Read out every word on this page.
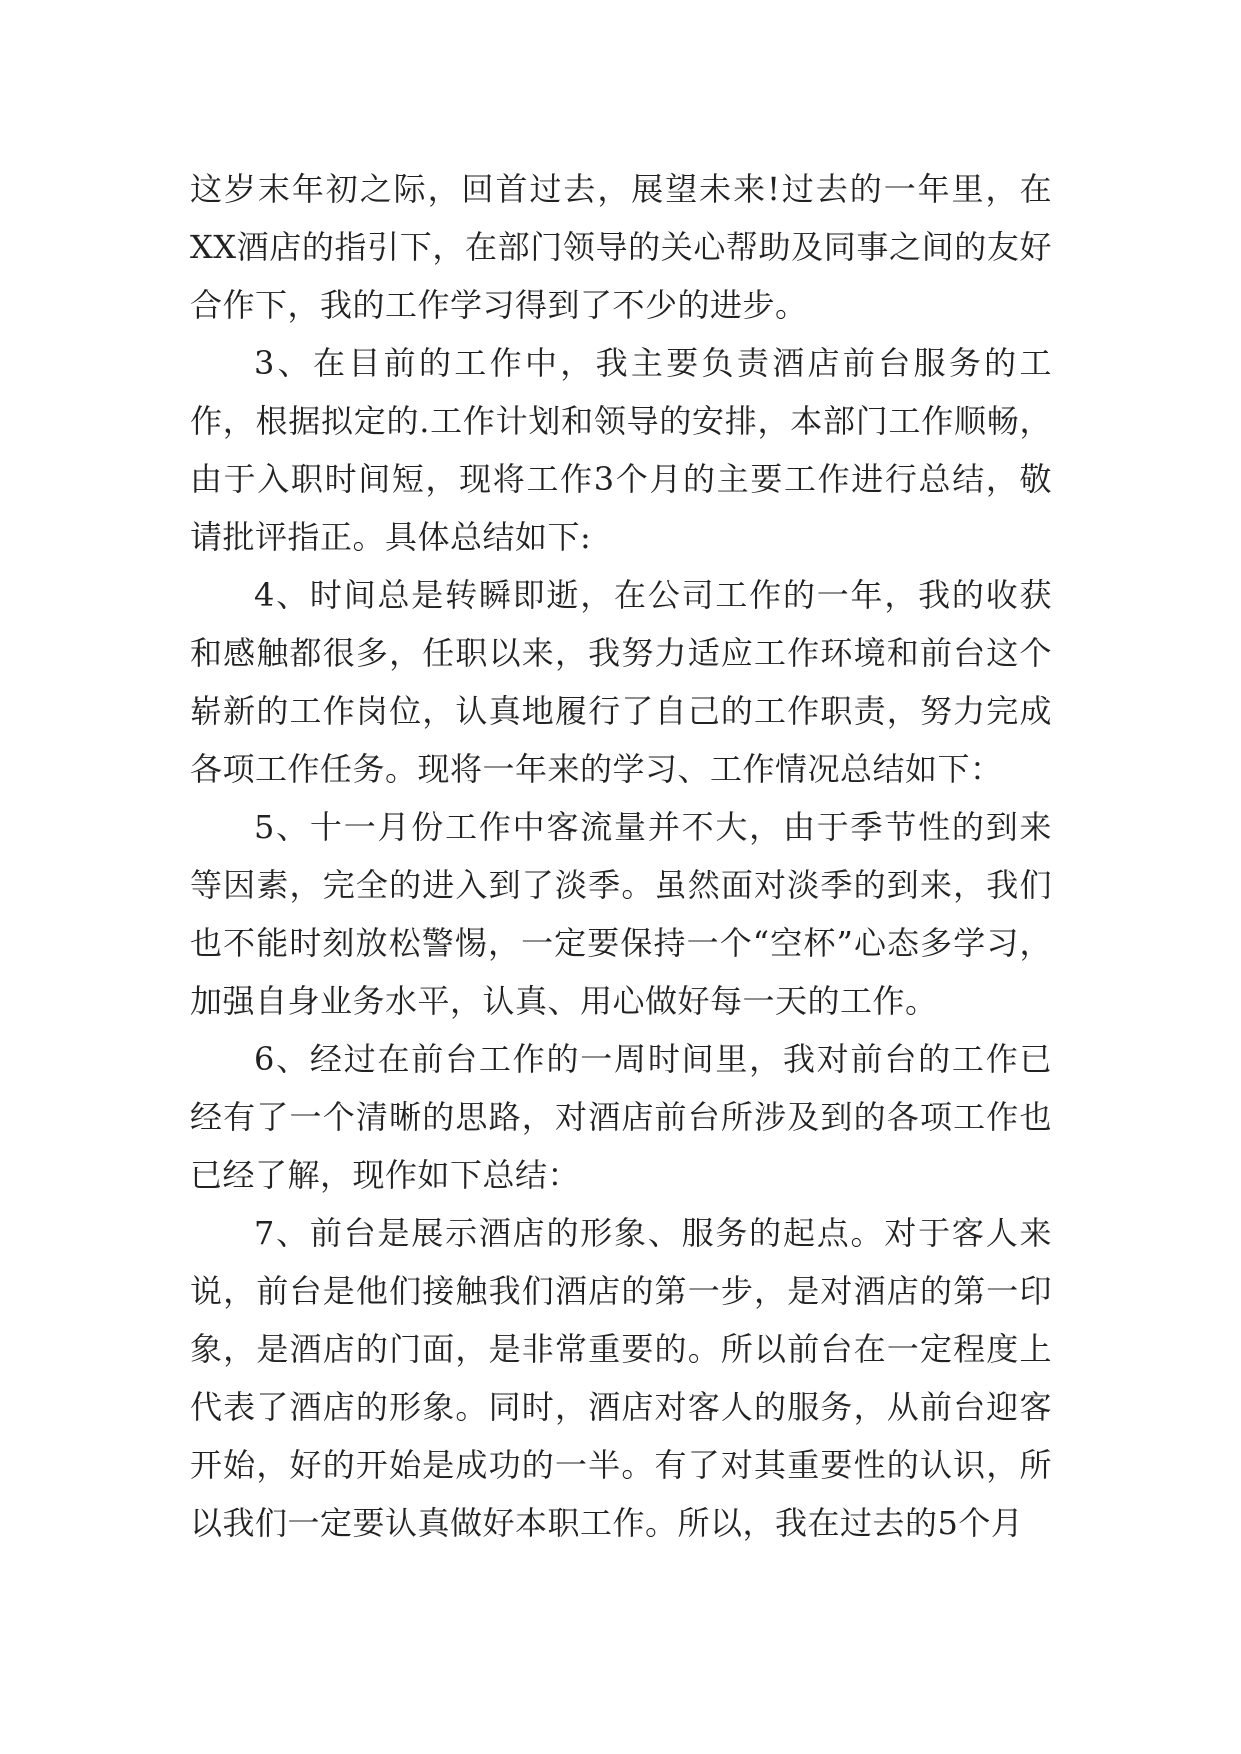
这岁末年初之际，回首过去，展望未来!过去的一年里，在XX酒店的指引下，在部门领导的关心帮助及同事之间的友好合作下，我的工作学习得到了不少的进步。

3、在目前的工作中，我主要负责酒店前台服务的工作，根据拟定的.工作计划和领导的安排，本部门工作顺畅，由于入职时间短，现将工作3个月的主要工作进行总结，敬请批评指正。具体总结如下:

4、时间总是转瞬即逝，在公司工作的一年，我的收获和感触都很多，任职以来，我努力适应工作环境和前台这个崭新的工作岗位，认真地履行了自己的工作职责，努力完成各项工作任务。现将一年来的学习、工作情况总结如下：

5、十一月份工作中客流量并不大，由于季节性的到来等因素，完全的进入到了淡季。虽然面对淡季的到来，我们也不能时刻放松警惕，一定要保持一个“空杯”心态多学习，加强自身业务水平，认真、用心做好每一天的工作。

6、经过在前台工作的一周时间里，我对前台的工作已经有了一个清晰的思路，对酒店前台所涉及到的各项工作也已经了解，现作如下总结：

7、前台是展示酒店的形象、服务的起点。对于客人来说，前台是他们接触我们酒店的第一步，是对酒店的第一印象，是酒店的门面，是非常重要的。所以前台在一定程度上代表了酒店的形象。同时，酒店对客人的服务，从前台迎客开始，好的开始是成功的一半。有了对其重要性的认识，所以我们一定要认真做好本职工作。所以，我在过去的5个月
